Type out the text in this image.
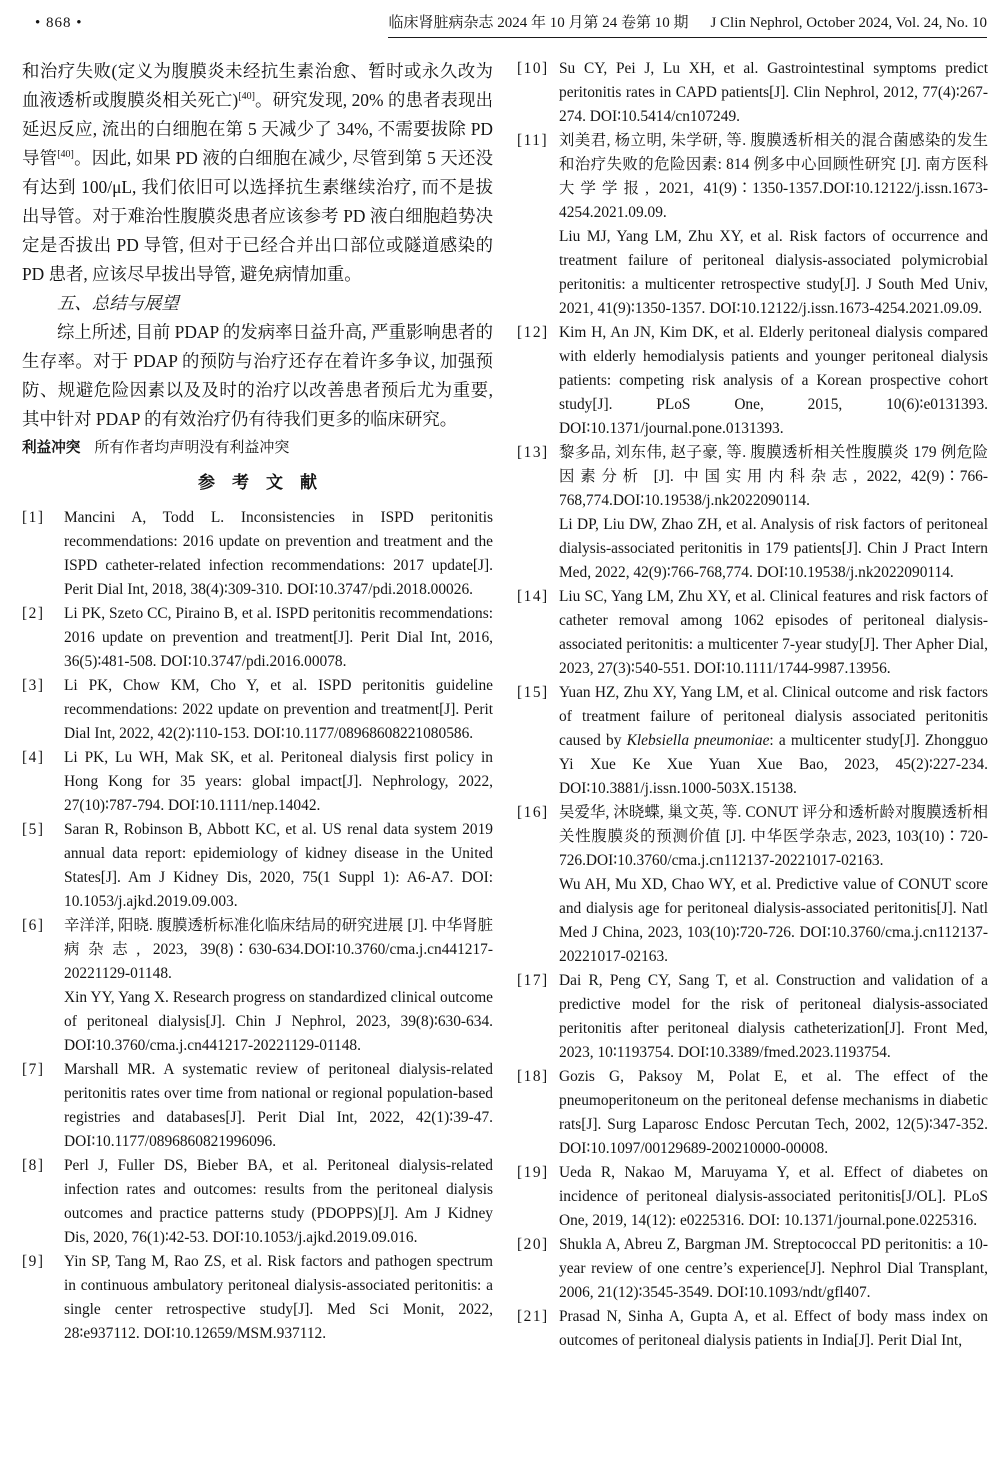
• 868 •	临床肾脏病杂志 2024 年 10 月第 24 卷第 10 期 J Clin Nephrol, October 2024, Vol. 24, No. 10

和治疗失败(定义为腹膜炎未经抗生素治愈、暂时或永久改为血液透析或腹膜炎相关死亡)[40]。研究发现, 20% 的患者表现出延迟反应, 流出的白细胞在第 5 天减少了 34%, 不需要拔除 PD 导管[40]。因此, 如果 PD 液的白细胞在减少, 尽管到第 5 天还没有达到 100/μL, 我们依旧可以选择抗生素继续治疗, 而不是拔出导管。对于难治性腹膜炎患者应该参考 PD 液白细胞趋势决定是否拔出 PD 导管, 但对于已经合并出口部位或隧道感染的 PD 患者, 应该尽早拔出导管, 避免病情加重。

五、总结与展望

综上所述, 目前 PDAP 的发病率日益升高, 严重影响患者的生存率。对于 PDAP 的预防与治疗还存在着许多争议, 加强预防、规避危险因素以及及时的治疗以改善患者预后尤为重要, 其中针对 PDAP 的有效治疗仍有待我们更多的临床研究。

利益冲突 所有作者均声明没有利益冲突

参　考　文　献
[1] Mancini A, Todd L. Inconsistencies in ISPD peritonitis recommendations: 2016 update on prevention and treatment and the ISPD catheter-related infection recommendations: 2017 update[J]. Perit Dial Int, 2018, 38(4)∶309-310. DOI∶10.3747/pdi.2018.00026.
[2] Li PK, Szeto CC, Piraino B, et al. ISPD peritonitis recommendations: 2016 update on prevention and treatment[J]. Perit Dial Int, 2016, 36(5)∶481-508. DOI∶10.3747/pdi.2016.00078.
[3] Li PK, Chow KM, Cho Y, et al. ISPD peritonitis guideline recommendations: 2022 update on prevention and treatment[J]. Perit Dial Int, 2022, 42(2)∶110-153. DOI∶10.1177/08968608221080586.
[4] Li PK, Lu WH, Mak SK, et al. Peritoneal dialysis first policy in Hong Kong for 35 years: global impact[J]. Nephrology, 2022, 27(10)∶787-794. DOI∶10.1111/nep.14042.
[5] Saran R, Robinson B, Abbott KC, et al. US renal data system 2019 annual data report: epidemiology of kidney disease in the United States[J]. Am J Kidney Dis, 2020, 75(1 Suppl 1): A6-A7. DOI: 10.1053/j.ajkd.2019.09.003.
[6] 辛洋洋, 阳晓. 腹膜透析标准化临床结局的研究进展 [J]. 中华肾脏病杂志, 2023, 39(8)∶630-634.DOI∶10.3760/cma.j.cn441217-20221129-01148.
Xin YY, Yang X. Research progress on standardized clinical outcome of peritoneal dialysis[J]. Chin J Nephrol, 2023, 39(8)∶630-634. DOI∶10.3760/cma.j.cn441217-20221129-01148.
[7] Marshall MR. A systematic review of peritoneal dialysis-related peritonitis rates over time from national or regional population-based registries and databases[J]. Perit Dial Int, 2022, 42(1)∶39-47. DOI∶10.1177/0896860821996096.
[8] Perl J, Fuller DS, Bieber BA, et al. Peritoneal dialysis-related infection rates and outcomes: results from the peritoneal dialysis outcomes and practice patterns study (PDOPPS)[J]. Am J Kidney Dis, 2020, 76(1)∶42-53. DOI∶10.1053/j.ajkd.2019.09.016.
[9] Yin SP, Tang M, Rao ZS, et al. Risk factors and pathogen spectrum in continuous ambulatory peritoneal dialysis-associated peritonitis: a single center retrospective study[J]. Med Sci Monit, 2022, 28∶e937112. DOI∶10.12659/MSM.937112.
[10] Su CY, Pei J, Lu XH, et al. Gastrointestinal symptoms predict peritonitis rates in CAPD patients[J]. Clin Nephrol, 2012, 77(4)∶267-274. DOI∶10.5414/cn107249.
[11] 刘美君, 杨立明, 朱学研, 等. 腹膜透析相关的混合菌感染的发生和治疗失败的危险因素: 814 例多中心回顾性研究 [J]. 南方医科大学学报, 2021, 41(9)∶1350-1357.DOI∶10.12122/j.issn.1673-4254.2021.09.09.
Liu MJ, Yang LM, Zhu XY, et al. Risk factors of occurrence and treatment failure of peritoneal dialysis-associated polymicrobial peritonitis: a multicenter retrospective study[J]. J South Med Univ, 2021, 41(9)∶1350-1357. DOI∶10.12122/j.issn.1673-4254.2021.09.09.
[12] Kim H, An JN, Kim DK, et al. Elderly peritoneal dialysis compared with elderly hemodialysis patients and younger peritoneal dialysis patients: competing risk analysis of a Korean prospective cohort study[J]. PLoS One, 2015, 10(6)∶e0131393. DOI∶10.1371/journal.pone.0131393.
[13] 黎多品, 刘东伟, 赵子豪, 等. 腹膜透析相关性腹膜炎 179 例危险因素分析 [J]. 中国实用内科杂志, 2022, 42(9)∶766-768,774.DOI∶10.19538/j.nk2022090114.
Li DP, Liu DW, Zhao ZH, et al. Analysis of risk factors of peritoneal dialysis-associated peritonitis in 179 patients[J]. Chin J Pract Intern Med, 2022, 42(9)∶766-768,774. DOI∶10.19538/j.nk2022090114.
[14] Liu SC, Yang LM, Zhu XY, et al. Clinical features and risk factors of catheter removal among 1062 episodes of peritoneal dialysis-associated peritonitis: a multicenter 7-year study[J]. Ther Apher Dial, 2023, 27(3)∶540-551. DOI∶10.1111/1744-9987.13956.
[15] Yuan HZ, Zhu XY, Yang LM, et al. Clinical outcome and risk factors of treatment failure of peritoneal dialysis associated peritonitis caused by Klebsiella pneumoniae: a multicenter study[J]. Zhongguo Yi Xue Ke Xue Yuan Xue Bao, 2023, 45(2)∶227-234. DOI∶10.3881/j.issn.1000-503X.15138.
[16] 吴爱华, 沐晓蝶, 巢文英, 等. CONUT 评分和透析龄对腹膜透析相关性腹膜炎的预测价值 [J]. 中华医学杂志, 2023, 103(10)∶720-726.DOI∶10.3760/cma.j.cn112137-20221017-02163.
Wu AH, Mu XD, Chao WY, et al. Predictive value of CONUT score and dialysis age for peritoneal dialysis-associated peritonitis[J]. Natl Med J China, 2023, 103(10)∶720-726. DOI∶10.3760/cma.j.cn112137-20221017-02163.
[17] Dai R, Peng CY, Sang T, et al. Construction and validation of a predictive model for the risk of peritoneal dialysis-associated peritonitis after peritoneal dialysis catheterization[J]. Front Med, 2023, 10∶1193754. DOI∶10.3389/fmed.2023.1193754.
[18] Gozis G, Paksoy M, Polat E, et al. The effect of the pneumoperitoneum on the peritoneal defense mechanisms in diabetic rats[J]. Surg Laparosc Endosc Percutan Tech, 2002, 12(5)∶347-352. DOI∶10.1097/00129689-200210000-00008.
[19] Ueda R, Nakao M, Maruyama Y, et al. Effect of diabetes on incidence of peritoneal dialysis-associated peritonitis[J/OL]. PLoS One, 2019, 14(12): e0225316. DOI: 10.1371/journal.pone.0225316.
[20] Shukla A, Abreu Z, Bargman JM. Streptococcal PD peritonitis: a 10-year review of one centre’s experience[J]. Nephrol Dial Transplant, 2006, 21(12)∶3545-3549. DOI∶10.1093/ndt/gfl407.
[21] Prasad N, Sinha A, Gupta A, et al. Effect of body mass index on outcomes of peritoneal dialysis patients in India[J]. Perit Dial Int,
